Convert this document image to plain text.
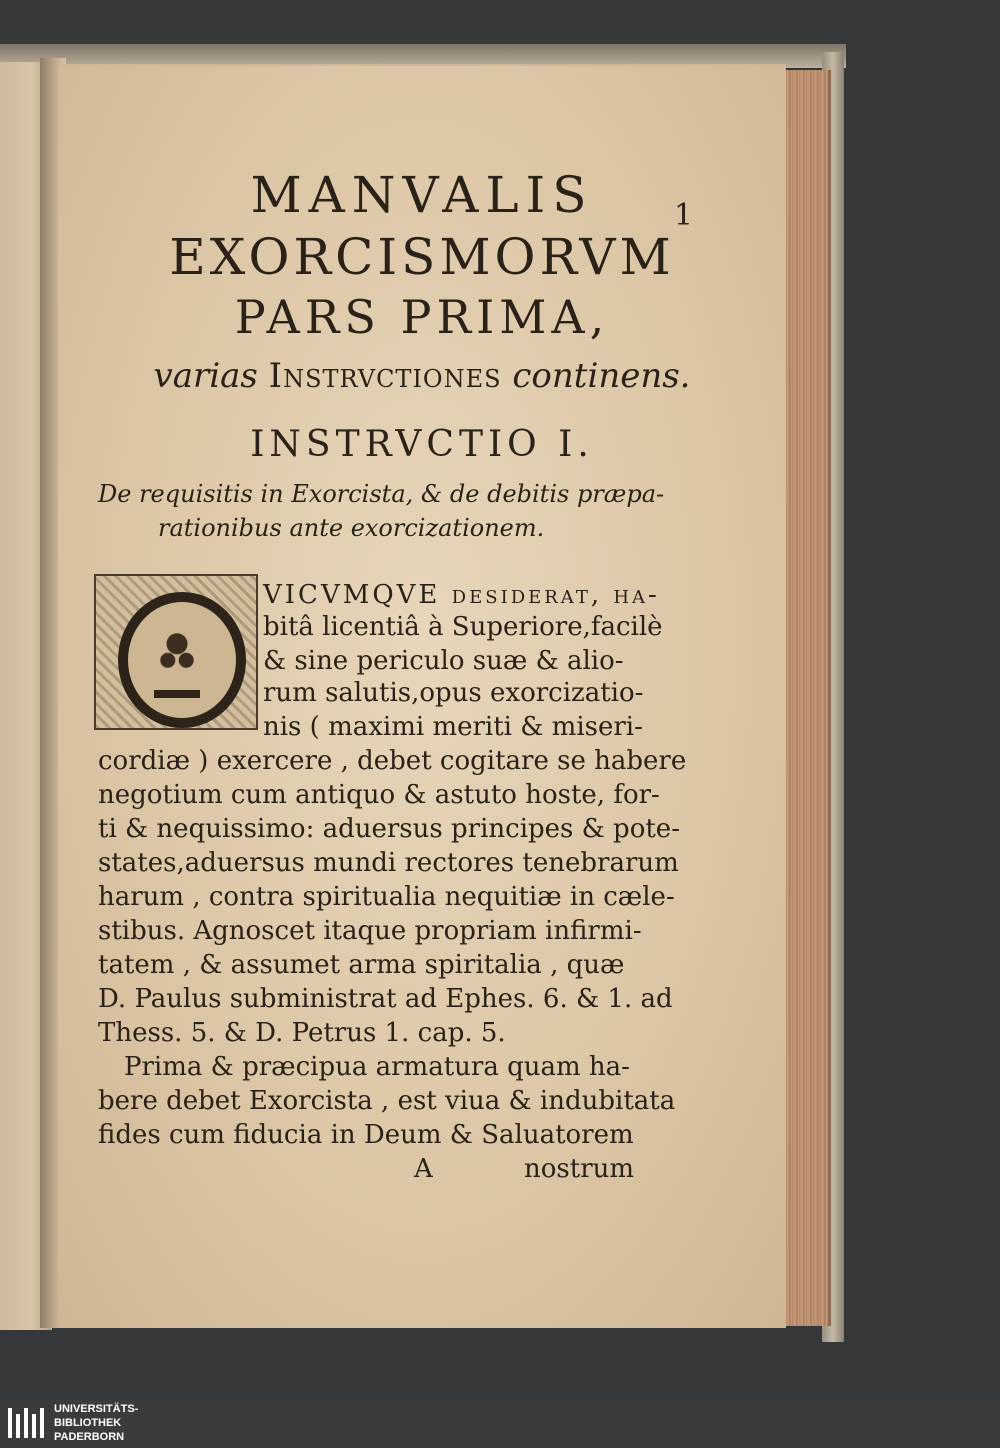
1
MANVALIS
EXORCISMORVM
PARS PRIMA,
varias Instrvctiones continens.
INSTRVCTIO I.
De requisitis in Exorcista, & de debitis præpa-
rationibus ante exorcizationem.
VICVMQVE desiderat, ha-
bitâ licentiâ à Superiore,facilè
& sine periculo suæ & alio-
rum salutis,opus exorcizatio-
nis ( maximi meriti & miseri-
cordiæ ) exercere , debet cogitare se habere
negotium cum antiquo & astuto hoste, for-
ti & nequissimo: aduersus principes & pote-
states,aduersus mundi rectores tenebrarum
harum , contra spiritualia nequitiæ in cæle-
stibus. Agnoscet itaque propriam infirmi-
tatem , & assumet arma spiritalia , quæ
D. Paulus subministrat ad Ephes. 6. & 1. ad
Thess. 5. & D. Petrus 1. cap. 5.
Prima & præcipua armatura quam ha-
bere debet Exorcista , est viua & indubitata
fides cum fiducia in Deum & Saluatorem
A	nostrum
UNIVERSITÄTS-
BIBLIOTHEK
PADERBORN
